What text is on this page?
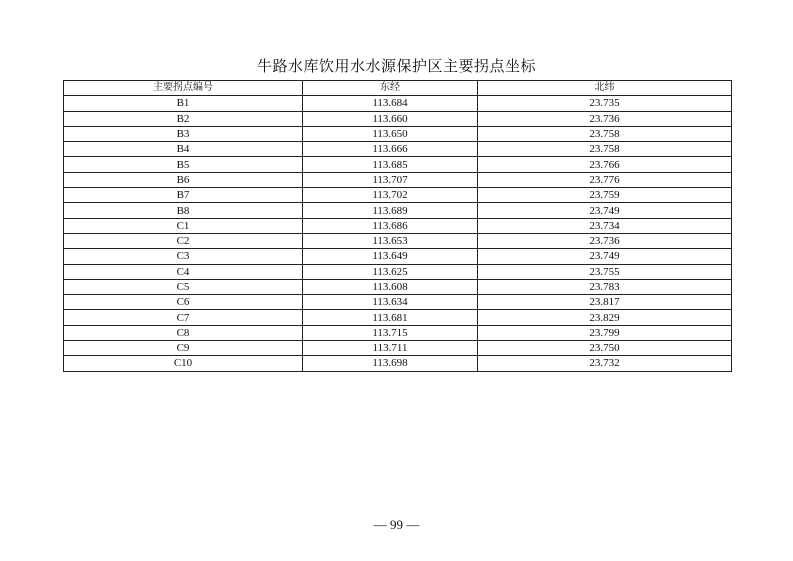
牛路水库饮用水水源保护区主要拐点坐标
主要拐点编号	东经	北纬
B1	113.684	23.735
B2	113.660	23.736
B3	113.650	23.758
B4	113.666	23.758
B5	113.685	23.766
B6	113.707	23.776
B7	113.702	23.759
B8	113.689	23.749
C1	113.686	23.734
C2	113.653	23.736
C3	113.649	23.749
C4	113.625	23.755
C5	113.608	23.783
C6	113.634	23.817
C7	113.681	23.829
C8	113.715	23.799
C9	113.711	23.750
C10	113.698	23.732
— 99 —
